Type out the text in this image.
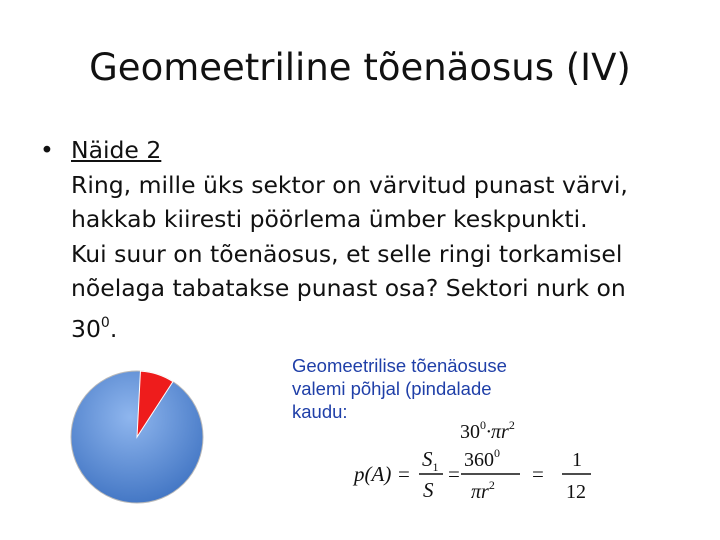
Geomeetriline tõenäosus (IV)
• Näide 2
Ring, mille üks sektor on värvitud punast värvi,
hakkab kiiresti pöörlema ümber keskpunkti.
Kui suur on tõenäosus, et selle ringi torkamisel
nõelaga tabatakse punast osa? Sektori nurk on
$30^0$.
Geomeetrilise tõenäosuse
valemi põhjal (pindalade
kaudu:
$30^0\cdot\pi r^2$
p(A) =
$S_1$
S
=
$360^0$
$\pi r^2$ =
1
12
